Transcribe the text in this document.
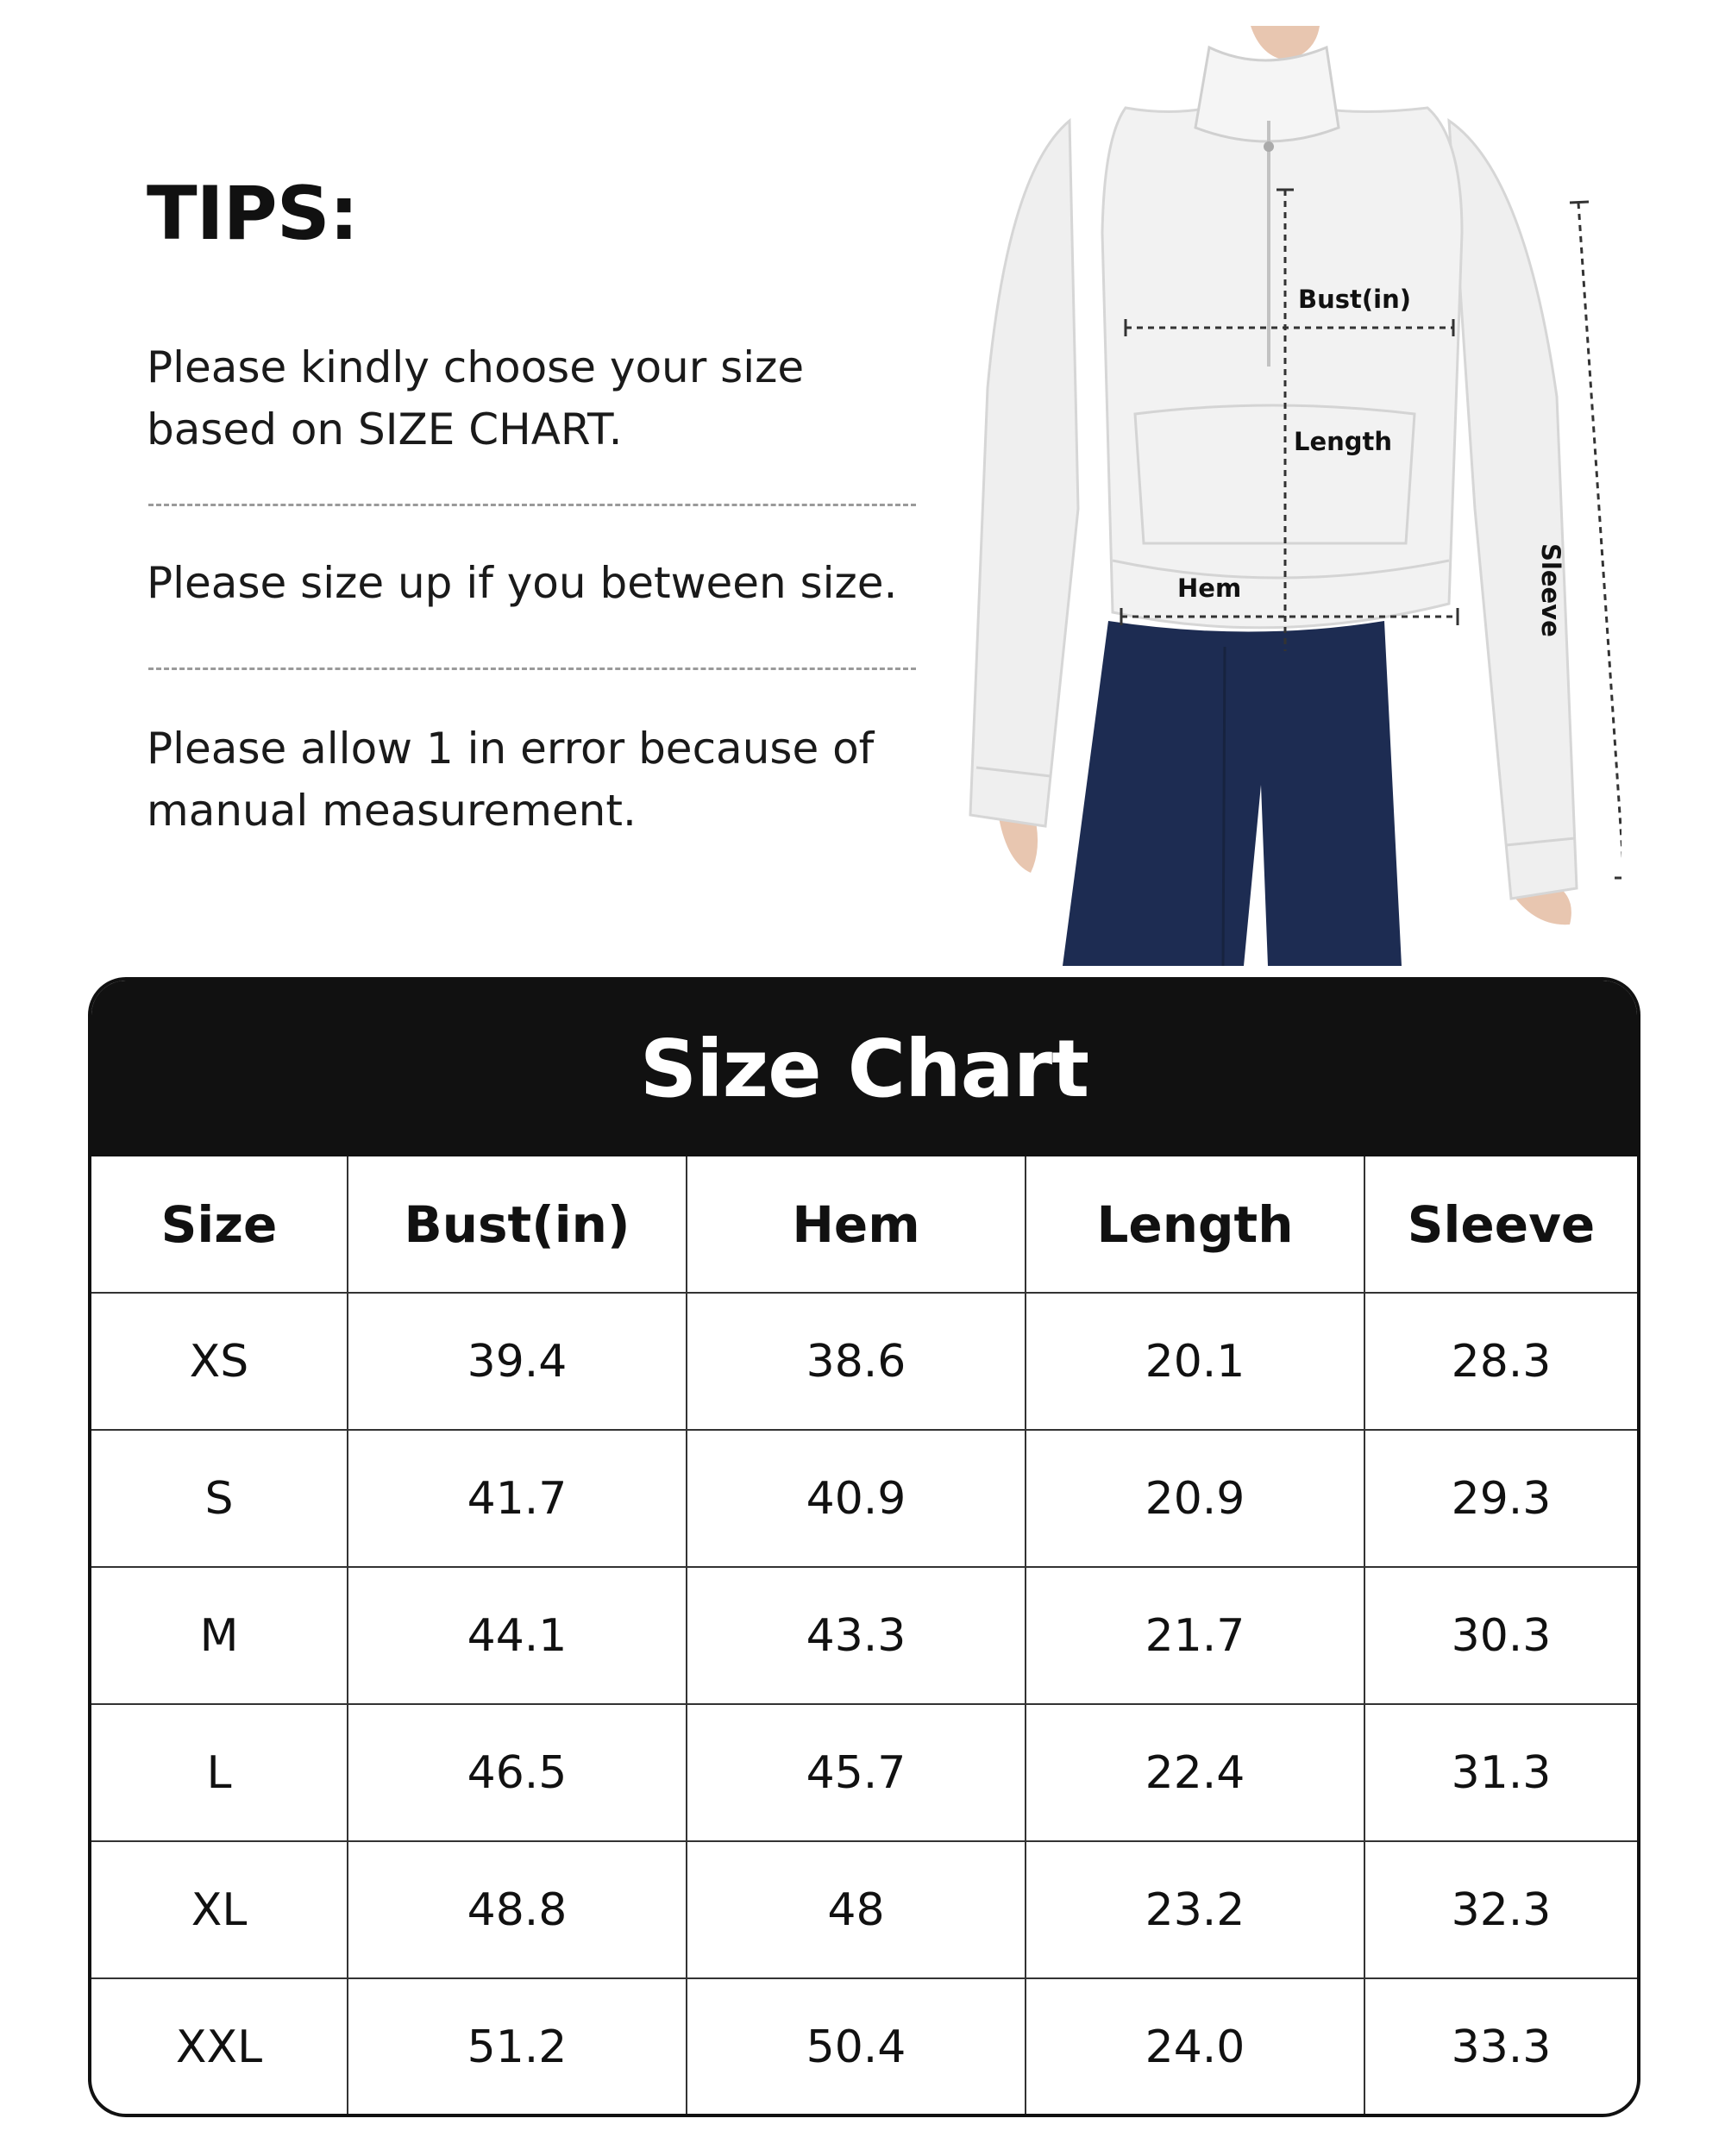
TIPS:

Please kindly choose your size based on SIZE CHART.

Please size up if you between size.

Please allow 1 in error because of manual measurement.

Bust(in)
Length
Hem	Sleeve
Size Chart
Size	Bust(in)	Hem	Length	Sleeve
XS	39.4	38.6	20.1	28.3
S	41.7	40.9	20.9	29.3
M	44.1	43.3	21.7	30.3
L	46.5	45.7	22.4	31.3
XL	48.8	48	23.2	32.3
XXL	51.2	50.4	24.0	33.3
